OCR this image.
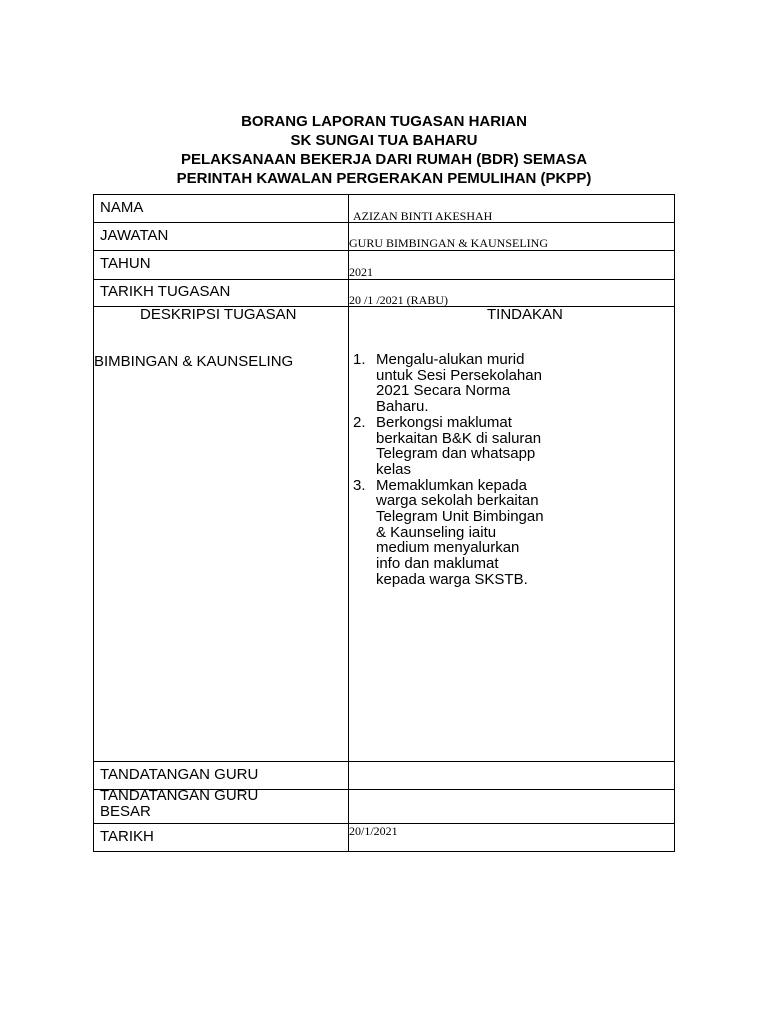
BORANG LAPORAN TUGASAN HARIAN
SK SUNGAI TUA BAHARU
PELAKSANAAN BEKERJA DARI RUMAH (BDR) SEMASA
PERINTAH KAWALAN PERGERAKAN PEMULIHAN (PKPP)
NAMA	AZIZAN BINTI AKESHAH
JAWATAN	GURU BIMBINGAN & KAUNSELING
TAHUN	2021
TARIKH TUGASAN	20 /1 /2021 (RABU)
DESKRIPSI TUGASAN	TINDAKAN
BIMBINGAN & KAUNSELING	1. Mengalu-alukan murid
untuk Sesi Persekolahan
2021 Secara Norma
Baharu.
2. Berkongsi maklumat
berkaitan B&K di saluran
Telegram dan whatsapp
kelas
3. Memaklumkan kepada
warga sekolah berkaitan
Telegram Unit Bimbingan
& Kaunseling iaitu
medium menyalurkan
info dan maklumat
kepada warga SKSTB.
TANDATANGAN GURU
TANDATANGAN GURU
BESAR
TARIKH	20/1/2021
